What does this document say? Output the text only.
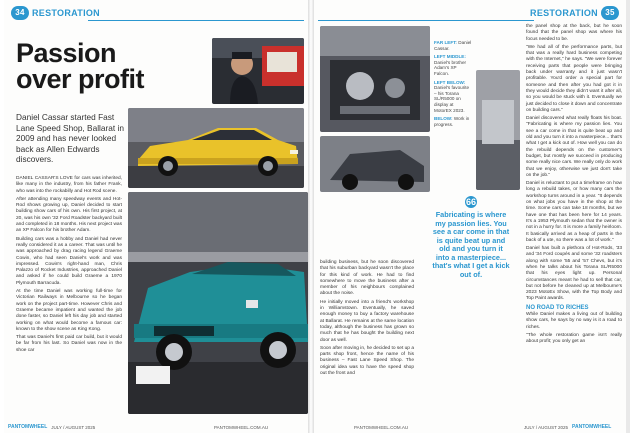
34 RESTORATION
Passion
over profit
Daniel Cassar started Fast Lane Speed Shop, Ballarat in 2009 and has never looked back as Allen Edwards discovers.

DANIEL CASSAR'S LOVE for cars was inherited, like many in the industry, from his father Frank, who was into the rockabilly and Hot Rod scene.

After attending many speedway events and Hot-Rod shows growing up, Daniel decided to start building show cars of his own. His first project, at 20, was his own '32 Ford Roadster backyard built and completed in 18 months. His next project was an XP Falcon for his brother Adam.

Building cars was a hobby and Daniel had never really considered it as a career. That was until he was approached by drag racing legend Graeme Cowin, who had seen Daniel's work and was impressed. Cowin's right-hand man, Chris Palazzo of Rocket Industries, approached Daniel and asked if he could build Graeme a 1970 Plymouth Barracuda.

At the time Daniel was working full-time for Victorian Railways in Melbourne so he began work on the project part-time. However Chris and Graeme became impatient and wanted the job done faster, so Daniel left his day job and started working on what would become a famous car: known to the show scene as King Kong.

That was Daniel's first paid car build, but it would be far from his last. So Daniel was now in the shoe car

PANTOMWHEEL JULY / AUGUST 2025	PANTOMWHEEL.COM.AU
RESTORATION 35

FAR LEFT: Daniel Cassar.

LEFT MIDDLE: Daniel's brother Adam's XP Falcon.

LEFT BELOW: Daniel's favourite – his Torana SL/R5000 on display at MotorEX 2023.

BELOW: Work in progress.

66
Fabricating is where my passion lies. You see a car come in that is quite beat up and old and you turn it into a masterpiece... that's what I get a kick out of.

building business, but he soon discovered that his suburban backyard wasn't the place for this kind of work. He had to find somewhere to move the business after a member of his neighbours complained about the noise.

He initially moved into a friend's workshop in Williamstown. Eventually, he saved enough money to buy a factory warehouse at Ballarat. He remains at the same location today, although the business has grown so much that he has bought the building next door as well.

Soon after moving in, he decided to set up a parts shop front, hence the name of his business – Fast Lane Speed Shop. The original idea was to have the speed shop out the front and

the panel shop at the back, but he soon found that the panel shop was where his focus needed to be.

"We had all of the performance parts, but that was a really hard business competing with the Internet," he says. "We were forever receiving parts that people were bringing back under warranty and it just wasn't profitable. You'd order a special part for someone and then after you had got it in they would decide they didn't want it after all, so you would be stuck with it. Eventually we just decided to close it down and concentrate on building cars."

Daniel discovered what really floats his boat. "Fabricating is where my passion lies. You see a car come in that is quite beat up and old and you turn it into a masterpiece... that's what I get a kick out of. How well you can do the rebuild depends on the customer's budget, but mostly we succeed in producing some really nice cars. We really only do work that we enjoy, otherwise we just don't take on the job."

Daniel is reluctant to put a timeframe on how long a rebuild takes, or how many cars the workshop turns around in a year. "It depends on what jobs you have in the shop at the time. Some cars can take 18 months, but we have one that has been here for 14 years. It's a 1953 Plymouth sedan that the owner is not in a hurry for. It is more a family heirloom. It basically arrived as a heap of parts in the back of a ute, so there was a lot of work."

Daniel has built a plethora of Hot-Rods, '33 and '34 Ford coupés and some '32 roadsters along with some '55 and '57 Chevs, but it's when he talks about his Torana SL/R5000 that his eyes light up. Personal circumstances meant he had to sell that car, but not before he cleaned up at Melbourne's 2023 MotoEx Show, with the Top Body and Top Paint awards.

NO ROAD TO RICHES

While Daniel makes a living out of building show cars, he says by no way is it a road to riches.

"The whole restoration game isn't really about profit; you only get an

PANTOMWHEEL.COM.AU	JULY / AUGUST 2025 PANTOMWHEEL
